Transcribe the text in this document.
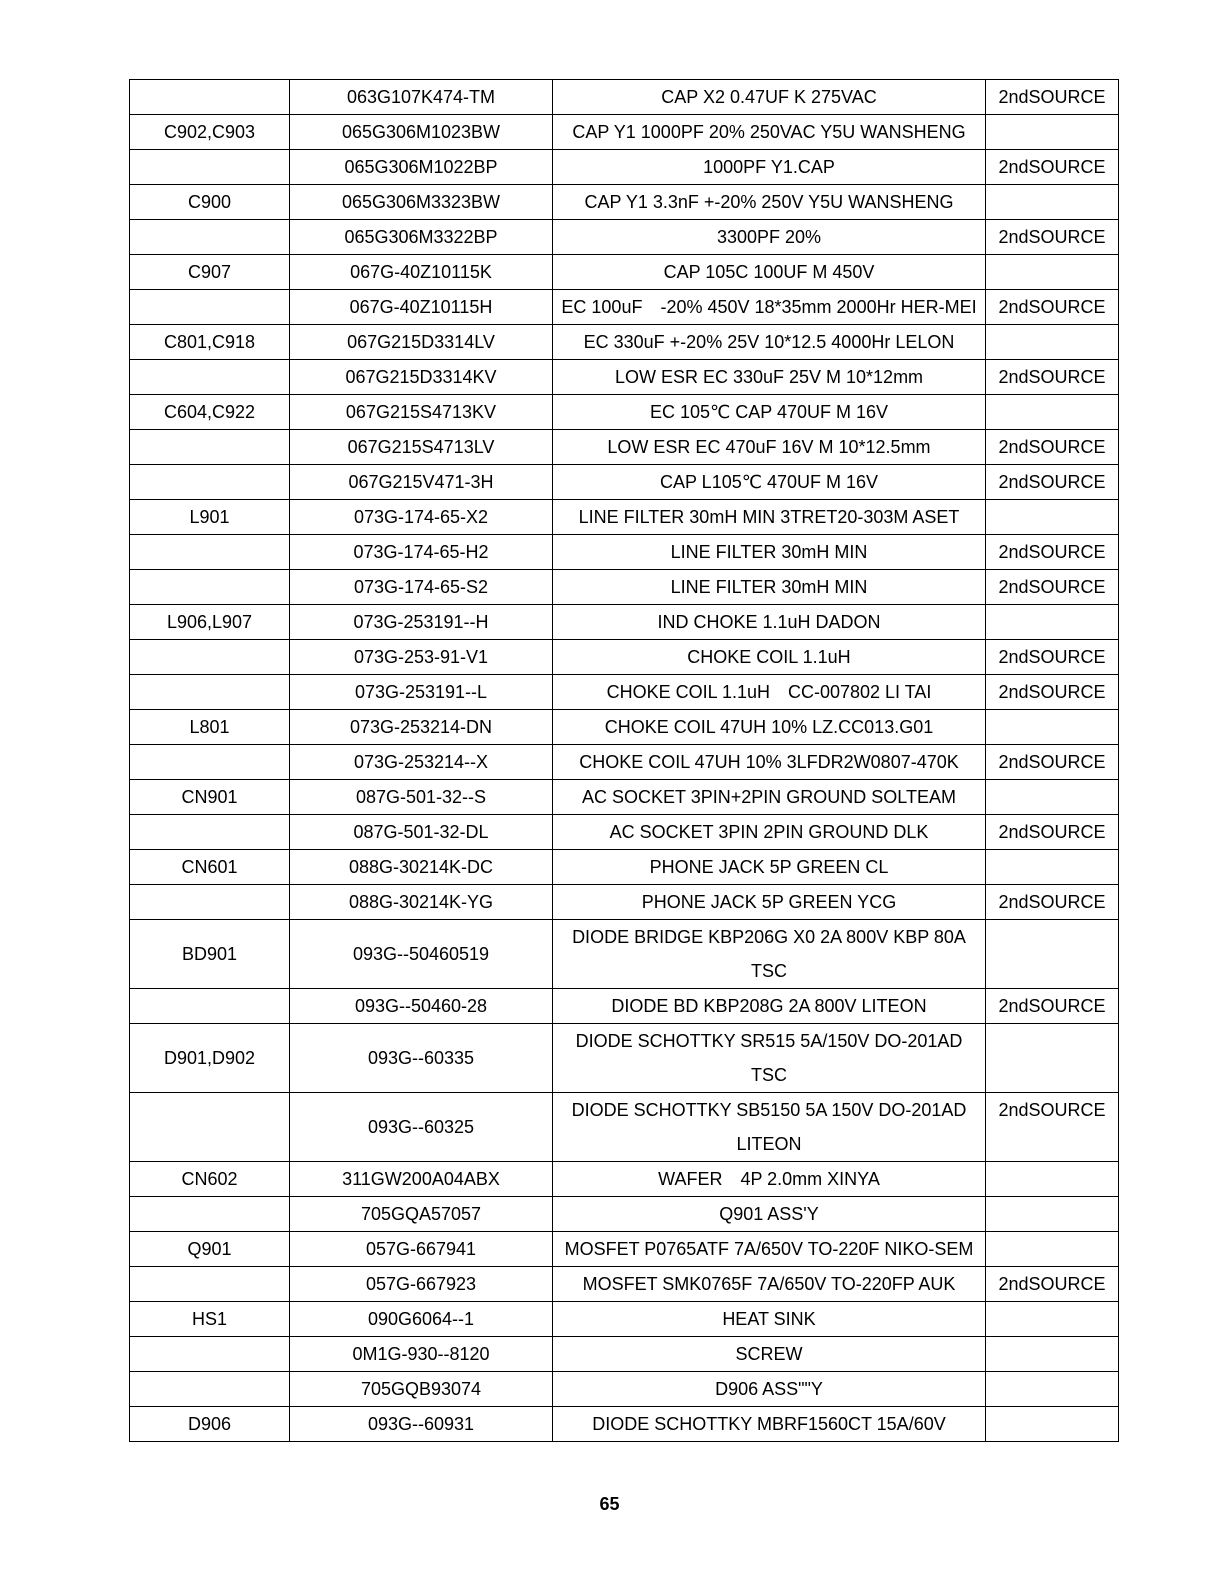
	063G107K474-TM	CAP X2 0.47UF K 275VAC	2ndSOURCE
C902,C903	065G306M1023BW	CAP Y1 1000PF 20% 250VAC Y5U WANSHENG	
	065G306M1022BP	1000PF Y1.CAP	2ndSOURCE
C900	065G306M3323BW	CAP Y1 3.3nF +-20% 250V Y5U WANSHENG	
	065G306M3322BP	3300PF 20%	2ndSOURCE
C907	067G-40Z10115K	CAP 105C 100UF M 450V	
	067G-40Z10115H	EC 100uF　-20% 450V 18*35mm 2000Hr HER-MEI	2ndSOURCE
C801,C918	067G215D3314LV	EC 330uF +-20% 25V 10*12.5 4000Hr LELON	
	067G215D3314KV	LOW ESR EC 330uF 25V M 10*12mm	2ndSOURCE
C604,C922	067G215S4713KV	EC 105℃ CAP 470UF M 16V	
	067G215S4713LV	LOW ESR EC 470uF 16V M 10*12.5mm	2ndSOURCE
	067G215V471-3H	CAP L105℃ 470UF M 16V	2ndSOURCE
L901	073G-174-65-X2	LINE FILTER 30mH MIN 3TRET20-303M ASET	
	073G-174-65-H2	LINE FILTER 30mH MIN	2ndSOURCE
	073G-174-65-S2	LINE FILTER 30mH MIN	2ndSOURCE
L906,L907	073G-253191--H	IND CHOKE 1.1uH DADON	
	073G-253-91-V1	CHOKE COIL 1.1uH	2ndSOURCE
	073G-253191--L	CHOKE COIL 1.1uH　CC-007802 LI TAI	2ndSOURCE
L801	073G-253214-DN	CHOKE COIL 47UH 10% LZ.CC013.G01	
	073G-253214--X	CHOKE COIL 47UH 10% 3LFDR2W0807-470K	2ndSOURCE
CN901	087G-501-32--S	AC SOCKET 3PIN+2PIN GROUND SOLTEAM	
	087G-501-32-DL	AC SOCKET 3PIN 2PIN GROUND DLK	2ndSOURCE
CN601	088G-30214K-DC	PHONE JACK 5P GREEN CL	
	088G-30214K-YG	PHONE JACK 5P GREEN YCG	2ndSOURCE
BD901	093G--50460519	DIODE BRIDGE KBP206G X0 2A 800V KBP 80A TSC	
	093G--50460-28	DIODE BD KBP208G 2A 800V LITEON	2ndSOURCE
D901,D902	093G--60335	DIODE SCHOTTKY SR515 5A/150V DO-201AD TSC	
	093G--60325	DIODE SCHOTTKY SB5150 5A 150V DO-201AD LITEON	2ndSOURCE
CN602	311GW200A04ABX	WAFER　4P 2.0mm XINYA	
	705GQA57057	Q901 ASS'Y	
Q901	057G-667941	MOSFET P0765ATF 7A/650V TO-220F NIKO-SEM	
	057G-667923	MOSFET SMK0765F 7A/650V TO-220FP AUK	2ndSOURCE
HS1	090G6064--1	HEAT SINK	
	0M1G-930--8120	SCREW	
	705GQB93074	D906 ASS""Y	
D906	093G--60931	DIODE SCHOTTKY MBRF1560CT 15A/60V	
65
